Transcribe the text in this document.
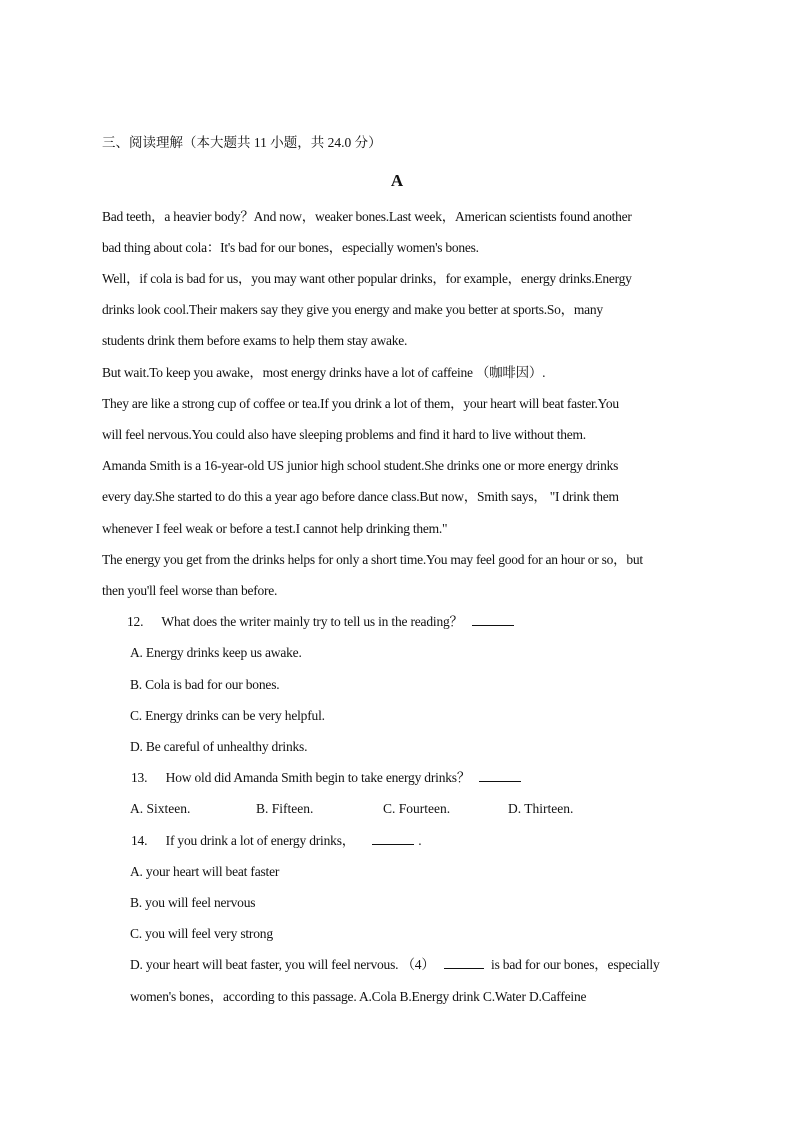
三、阅读理解（本大题共 11 小题，共 24.0 分）
A
Bad teeth，a heavier body？And now，weaker bones.Last week，American scientists found another
bad thing about cola：It's bad for our bones，especially women's bones.
Well，if cola is bad for us，you may want other popular drinks，for example，energy drinks.Energy
drinks look cool.Their makers say they give you energy and make you better at sports.So，many
students drink them before exams to help them stay awake.
But wait.To keep you awake，most energy drinks have a lot of caffeine （咖啡因）.
They are like a strong cup of coffee or tea.If you drink a lot of them，your heart will beat faster.You
will feel nervous.You could also have sleeping problems and find it hard to live without them.
Amanda Smith is a 16-year-old US junior high school student.She drinks one or more energy drinks
every day.She started to do this a year ago before dance class.But now，Smith says， "I drink them
whenever I feel weak or before a test.I cannot help drinking them."
The energy you get from the drinks helps for only a short time.You may feel good for an hour or so，but
then you'll feel worse than before.
12. What does the writer mainly try to tell us in the reading？
A. Energy drinks keep us awake.
B. Cola is bad for our bones.
C. Energy drinks can be very helpful.
D. Be careful of unhealthy drinks.
13. How old did Amanda Smith begin to take energy drinks？
A. Sixteen.	B. Fifteen.	C. Fourteen.	D. Thirteen.
14. If you drink a lot of energy drinks，	.
A. your heart will beat faster
B. you will feel nervous
C. you will feel very strong
D. your heart will beat faster, you will feel nervous. （4）	is bad for our bones，especially
women's bones，according to this passage. A.Cola B.Energy drink C.Water D.Caffeine
